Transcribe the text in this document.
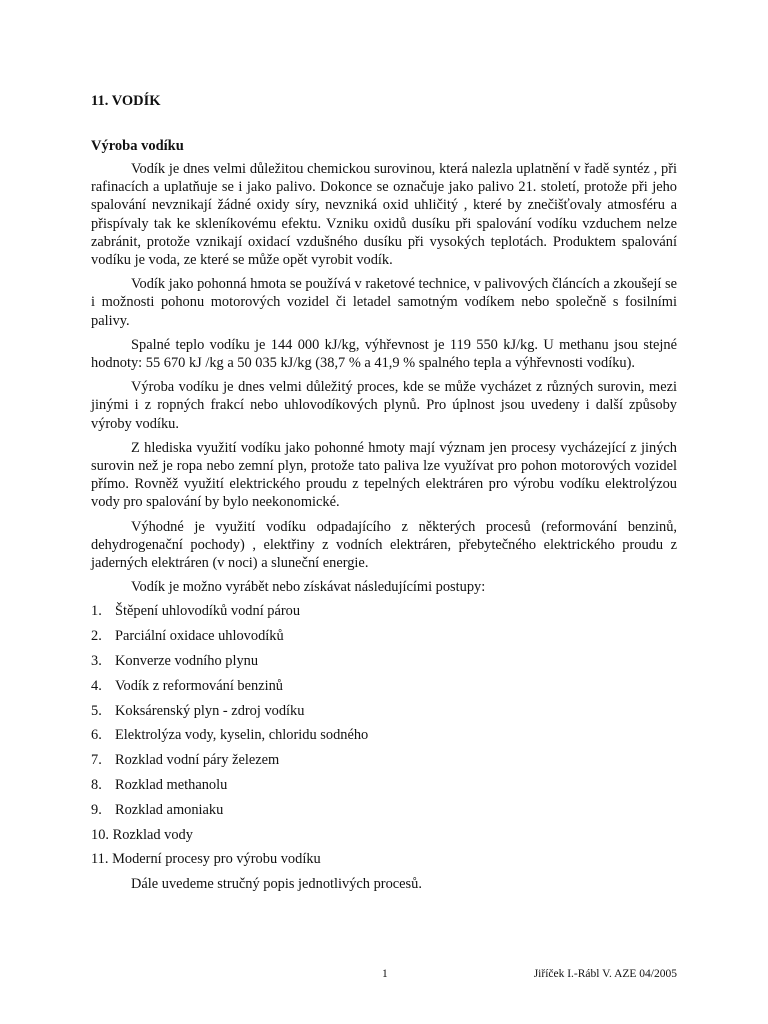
11. VODÍK
Výroba vodíku

Vodík je dnes velmi důležitou chemickou surovinou, která nalezla uplatnění v řadě syntéz , při rafinacích a uplatňuje se i jako palivo. Dokonce se označuje jako palivo 21. století, protože při jeho spalování nevznikají žádné oxidy síry, nevzniká oxid uhličitý , které by znečišťovaly atmosféru a přispívaly tak ke skleníkovému efektu. Vzniku oxidů dusíku při spalování vodíku vzduchem nelze zabránit, protože vznikají oxidací vzdušného dusíku při vysokých teplotách. Produktem spalování vodíku je voda, ze které se může opět vyrobit vodík.

Vodík jako pohonná hmota se používá v raketové technice, v palivových článcích a zkoušejí se i možnosti pohonu motorových vozidel či letadel samotným vodíkem nebo společně s fosilními palivy.

Spalné teplo vodíku je 144 000 kJ/kg, výhřevnost je 119 550 kJ/kg. U methanu jsou stejné hodnoty: 55 670 kJ /kg a 50 035 kJ/kg (38,7 % a 41,9 % spalného tepla a výhřevnosti vodíku).

Výroba vodíku je dnes velmi důležitý proces, kde se může vycházet z různých surovin, mezi jinými i z ropných frakcí nebo uhlovodíkových plynů. Pro úplnost jsou uvedeny i další způsoby výroby vodíku.

Z hlediska využití vodíku jako pohonné hmoty mají význam jen procesy vycházející z jiných surovin než je ropa nebo zemní plyn, protože tato paliva lze využívat pro pohon motorových vozidel přímo. Rovněž využití elektrického proudu z tepelných elektráren pro výrobu vodíku elektrolýzou vody pro spalování by bylo neekonomické.

Výhodné je využití vodíku odpadajícího z některých procesů (reformování benzinů, dehydrogenační pochody) , elektřiny z vodních elektráren, přebytečného elektrického proudu z jaderných elektráren (v noci) a sluneční energie.

Vodík je možno vyrábět nebo získávat následujícími postupy:

1. Štěpení uhlovodíků vodní párou
2. Parciální oxidace uhlovodíků
3. Konverze vodního plynu
4. Vodík z reformování benzinů
5. Koksárenský plyn - zdroj vodíku
6. Elektrolýza vody, kyselin, chloridu sodného
7. Rozklad vodní páry železem
8. Rozklad methanolu
9. Rozklad amoniaku
10. Rozklad vody
11. Moderní procesy pro výrobu vodíku

Dále uvedeme stručný popis jednotlivých procesů.

1	Jiříček I.-Rábl V. AZE 04/2005
